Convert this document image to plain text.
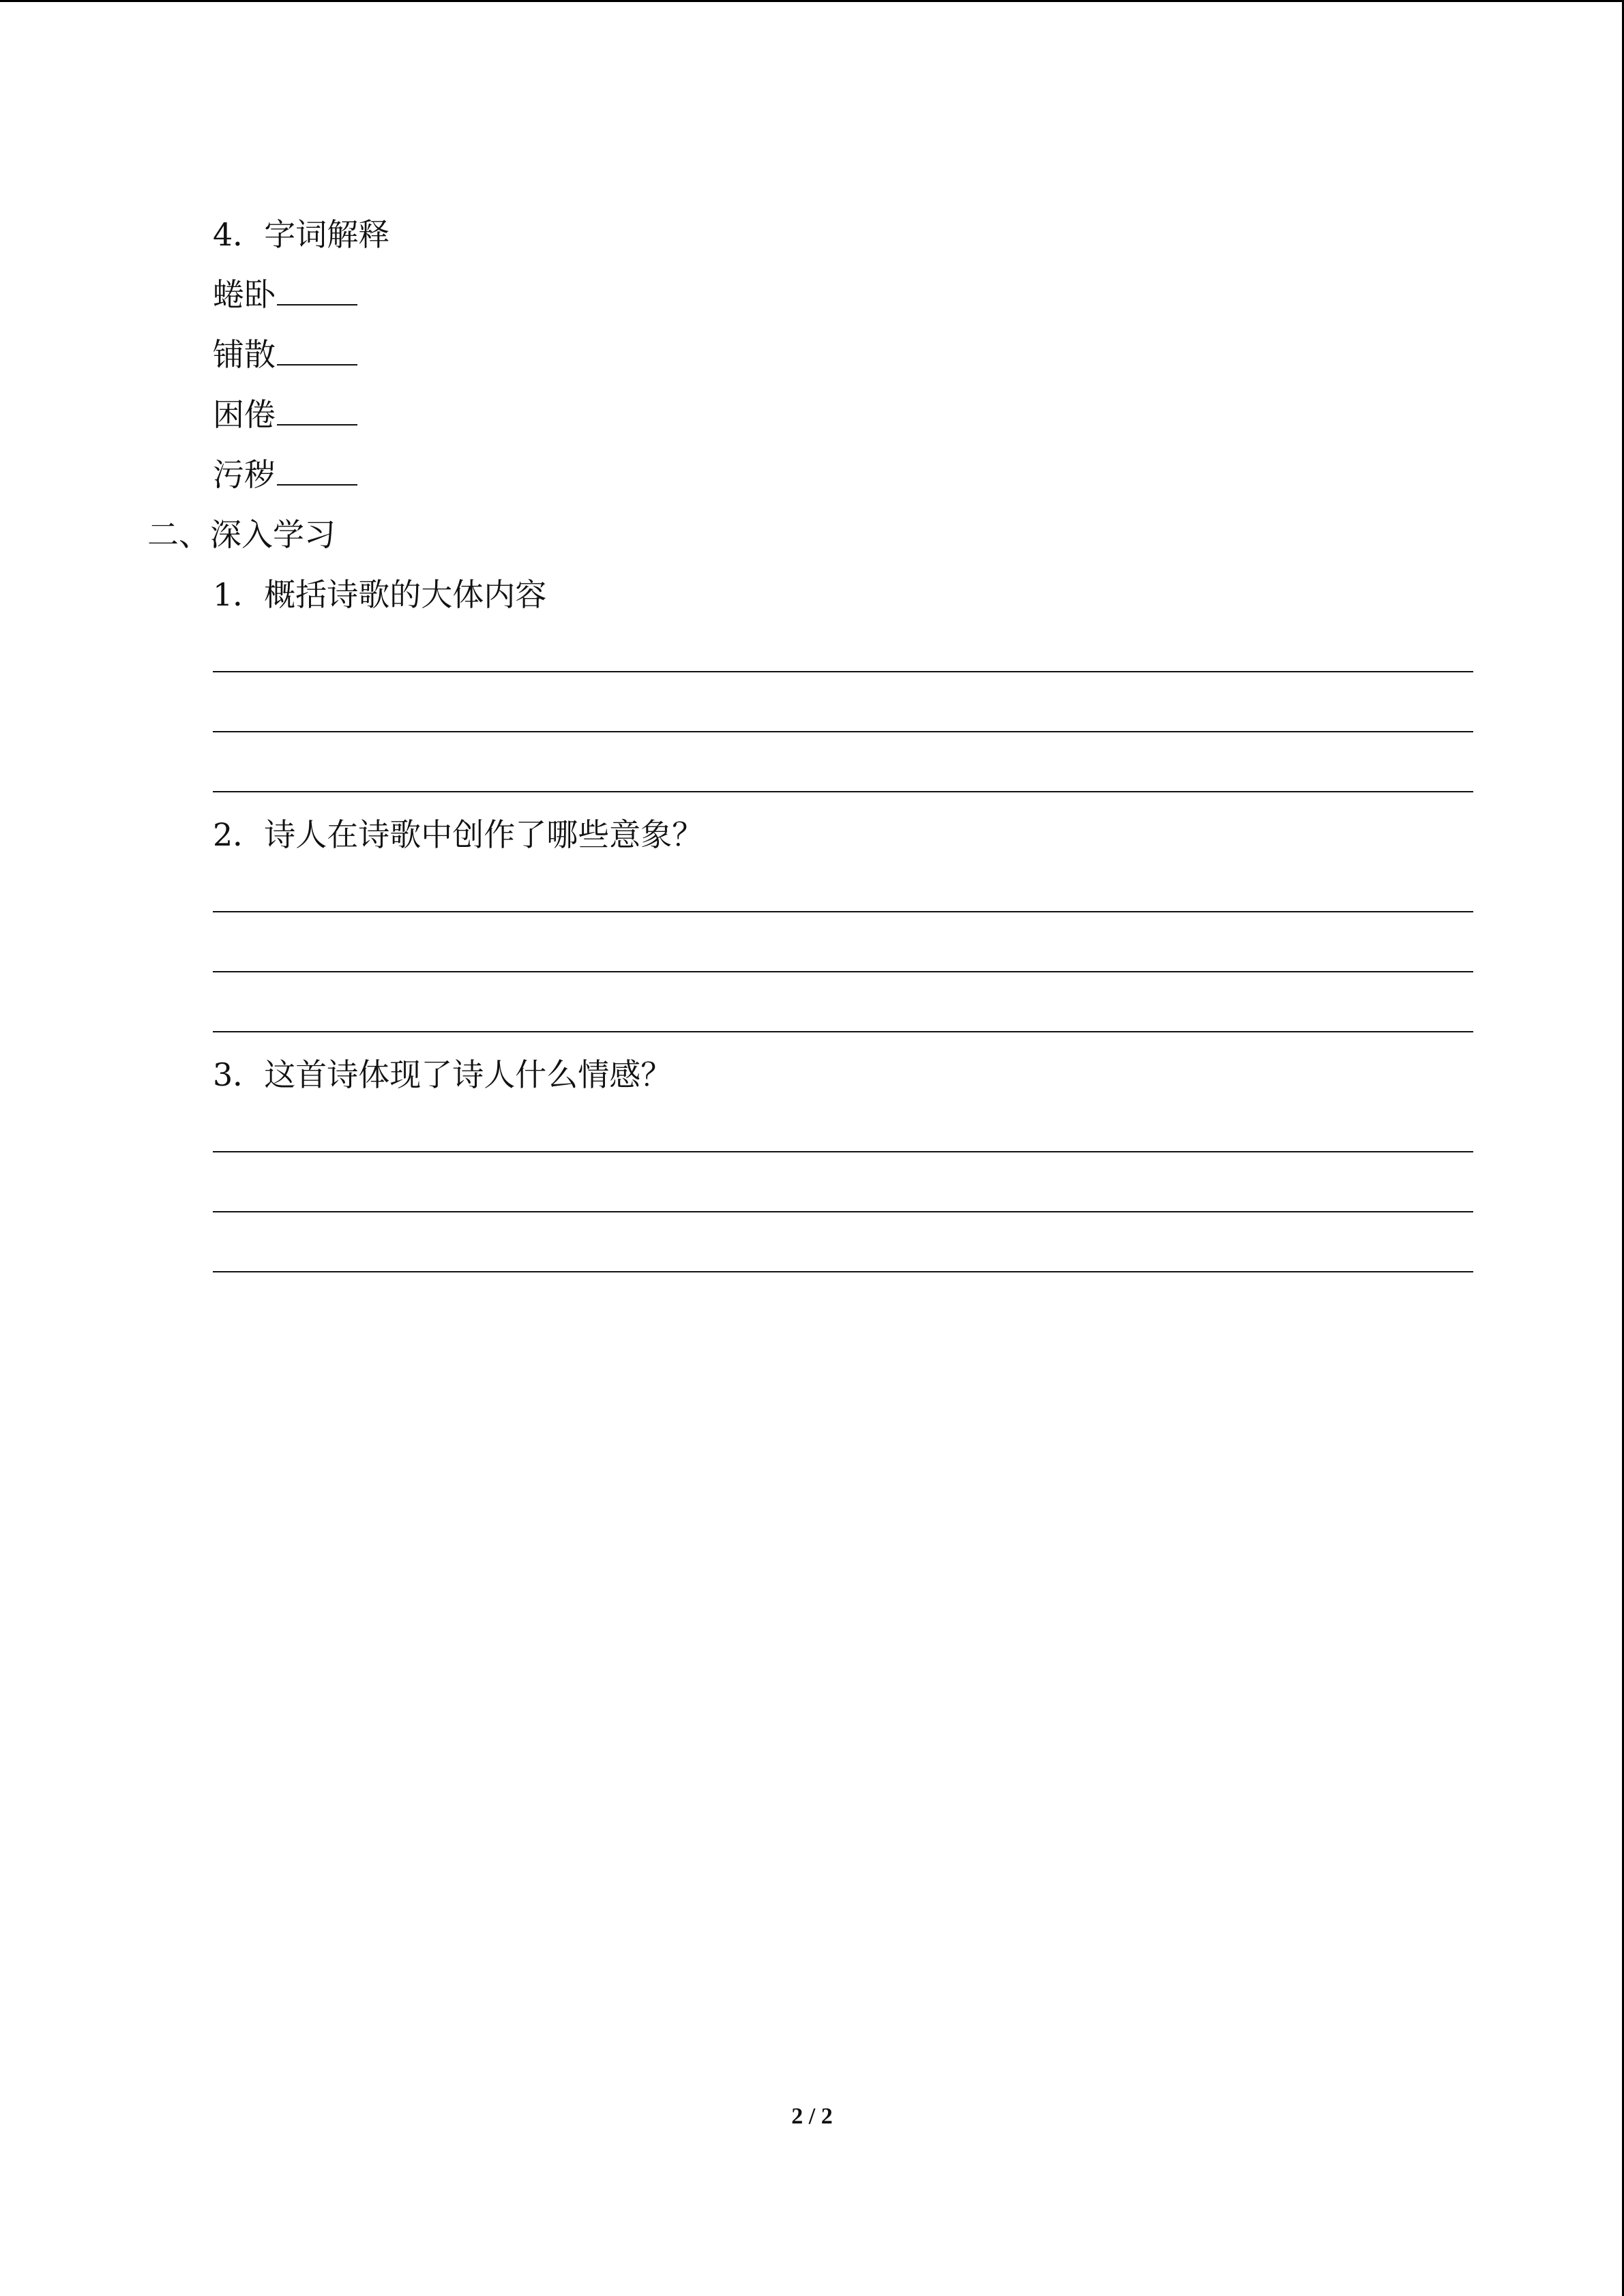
4．字词解释
蜷卧
铺散
困倦
污秽
二、深入学习
1．概括诗歌的大体内容
2．诗人在诗歌中创作了哪些意象？
3．这首诗体现了诗人什么情感？
2 / 2
